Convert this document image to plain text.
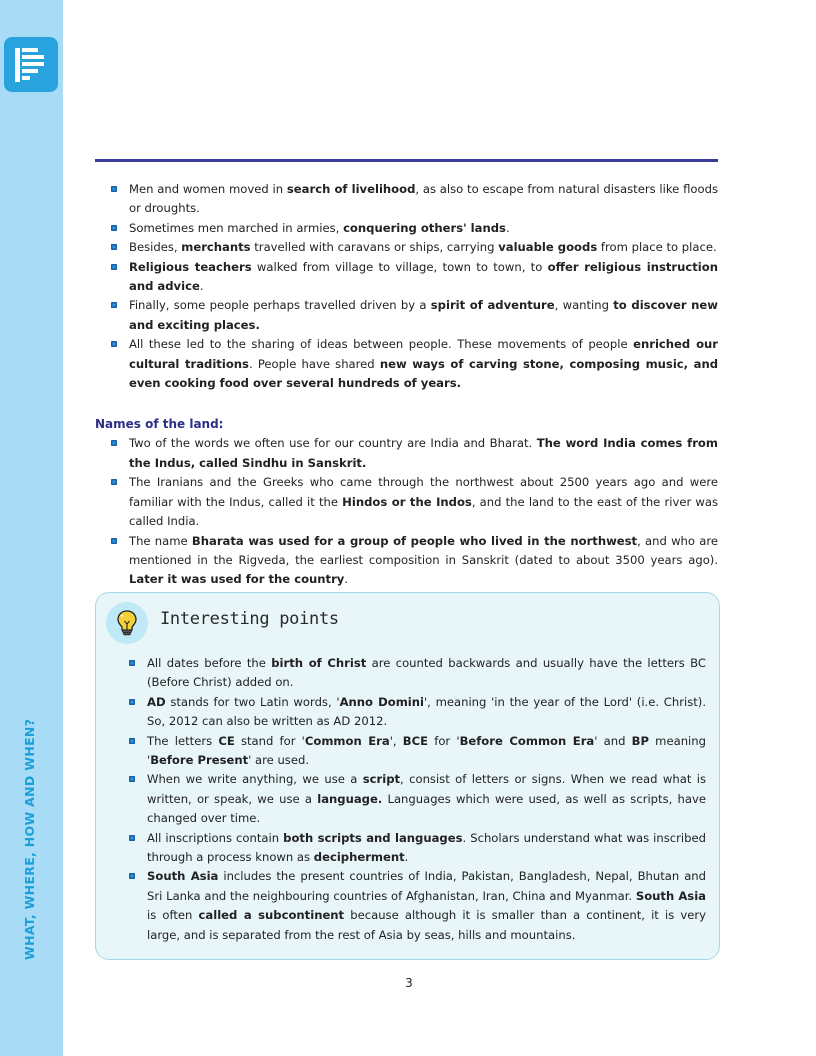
WHAT, WHERE, HOW AND WHEN?
Men and women moved in search of livelihood, as also to escape from natural disasters like floods or droughts.
Sometimes men marched in armies, conquering others' lands.
Besides, merchants travelled with caravans or ships, carrying valuable goods from place to place.
Religious teachers walked from village to village, town to town, to offer religious instruction and advice.
Finally, some people perhaps travelled driven by a spirit of adventure, wanting to discover new and exciting places.
All these led to the sharing of ideas between people. These movements of people enriched our cultural traditions. People have shared new ways of carving stone, composing music, and even cooking food over several hundreds of years.
Names of the land:
Two of the words we often use for our country are India and Bharat. The word India comes from the Indus, called Sindhu in Sanskrit.
The Iranians and the Greeks who came through the northwest about 2500 years ago and were familiar with the Indus, called it the Hindos or the Indos, and the land to the east of the river was called India.
The name Bharata was used for a group of people who lived in the northwest, and who are mentioned in the Rigveda, the earliest composition in Sanskrit (dated to about 3500 years ago). Later it was used for the country.
Interesting points
All dates before the birth of Christ are counted backwards and usually have the letters BC (Before Christ) added on.
AD stands for two Latin words, 'Anno Domini', meaning 'in the year of the Lord' (i.e. Christ). So, 2012 can also be written as AD 2012.
The letters CE stand for 'Common Era', BCE for 'Before Common Era' and BP meaning 'Before Present' are used.
When we write anything, we use a script, consist of letters or signs. When we read what is written, or speak, we use a language. Languages which were used, as well as scripts, have changed over time.
All inscriptions contain both scripts and languages. Scholars understand what was inscribed through a process known as decipherment.
South Asia includes the present countries of India, Pakistan, Bangladesh, Nepal, Bhutan and Sri Lanka and the neighbouring countries of Afghanistan, Iran, China and Myanmar. South Asia is often called a subcontinent because although it is smaller than a continent, it is very large, and is separated from the rest of Asia by seas, hills and mountains.
3
